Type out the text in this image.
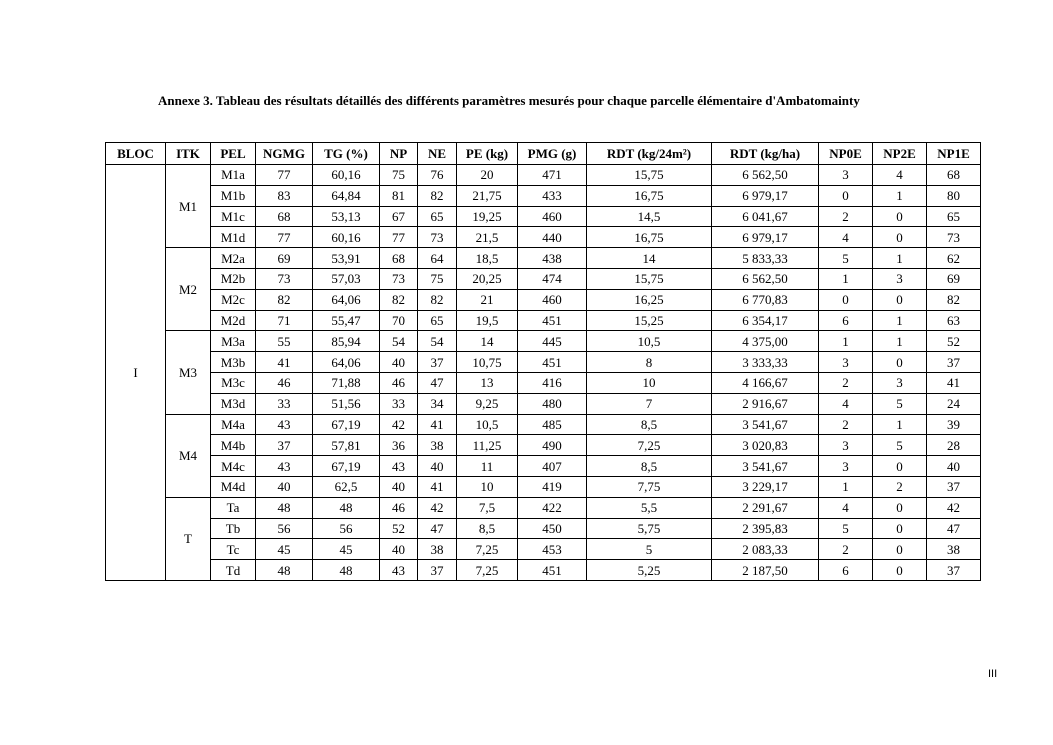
Annexe 3. Tableau des résultats détaillés des différents paramètres mesurés pour chaque parcelle élémentaire d'Ambatomainty
BLOC	ITK	PEL	NGMG	TG (%)	NP	NE	PE (kg)	PMG (g)	RDT (kg/24m²)	RDT (kg/ha)	NP0E	NP2E	NP1E
I	M1	M1a	77	60,16	75	76	20	471	15,75	6 562,50	3	4	68
		M1b	83	64,84	81	82	21,75	433	16,75	6 979,17	0	1	80
		M1c	68	53,13	67	65	19,25	460	14,5	6 041,67	2	0	65
		M1d	77	60,16	77	73	21,5	440	16,75	6 979,17	4	0	73
	M2	M2a	69	53,91	68	64	18,5	438	14	5 833,33	5	1	62
		M2b	73	57,03	73	75	20,25	474	15,75	6 562,50	1	3	69
		M2c	82	64,06	82	82	21	460	16,25	6 770,83	0	0	82
		M2d	71	55,47	70	65	19,5	451	15,25	6 354,17	6	1	63
	M3	M3a	55	85,94	54	54	14	445	10,5	4 375,00	1	1	52
		M3b	41	64,06	40	37	10,75	451	8	3 333,33	3	0	37
		M3c	46	71,88	46	47	13	416	10	4 166,67	2	3	41
		M3d	33	51,56	33	34	9,25	480	7	2 916,67	4	5	24
	M4	M4a	43	67,19	42	41	10,5	485	8,5	3 541,67	2	1	39
		M4b	37	57,81	36	38	11,25	490	7,25	3 020,83	3	5	28
		M4c	43	67,19	43	40	11	407	8,5	3 541,67	3	0	40
		M4d	40	62,5	40	41	10	419	7,75	3 229,17	1	2	37
	T	Ta	48	48	46	42	7,5	422	5,5	2 291,67	4	0	42
		Tb	56	56	52	47	8,5	450	5,75	2 395,83	5	0	47
		Tc	45	45	40	38	7,25	453	5	2 083,33	2	0	38
		Td	48	48	43	37	7,25	451	5,25	2 187,50	6	0	37
III
